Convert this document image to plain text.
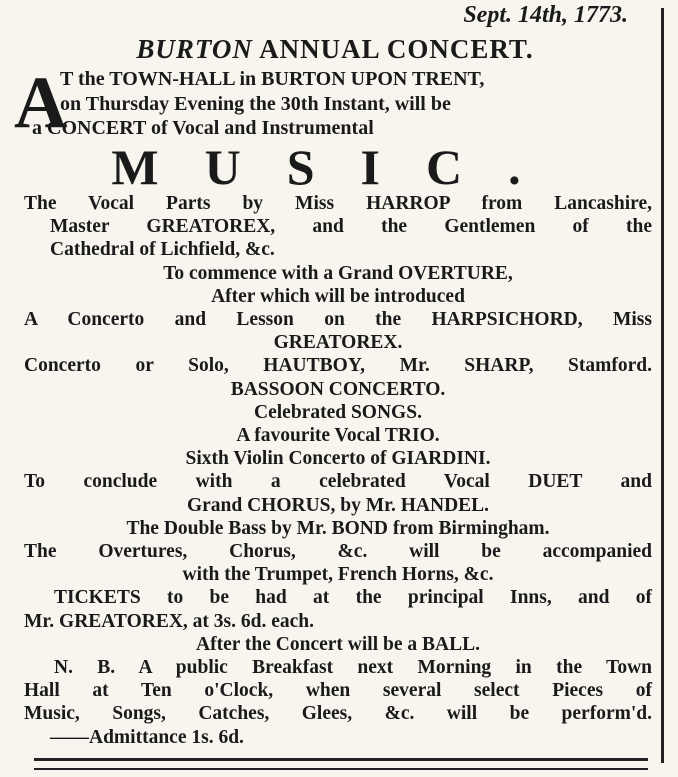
Sept. 14th, 1773.
BURTON ANNUAL CONCERT.
A
T the TOWN-HALL in BURTON UPON TRENT,
on Thursday Evening the 30th Instant, will be
a CONCERT of Vocal and Instrumental
MUSIC.
The Vocal Parts by Miss HARROP from Lancashire,
Master GREATOREX, and the Gentlemen of the
Cathedral of Lichfield, &c.
To commence with a Grand OVERTURE,
After which will be introduced
A Concerto and Lesson on the HARPSICHORD, Miss
GREATOREX.
Concerto or Solo, HAUTBOY, Mr. SHARP, Stamford.
BASSOON CONCERTO.
Celebrated SONGS.
A favourite Vocal TRIO.
Sixth Violin Concerto of GIARDINI.
To conclude with a celebrated Vocal DUET and
Grand CHORUS, by Mr. HANDEL.
The Double Bass by Mr. BOND from Birmingham.
The Overtures, Chorus, &c. will be accompanied
with the Trumpet, French Horns, &c.
TICKETS to be had at the principal Inns, and of
Mr. GREATOREX, at 3s. 6d. each.
After the Concert will be a BALL.
N. B. A public Breakfast next Morning in the Town
Hall at Ten o'Clock, when several select Pieces of
Music, Songs, Catches, Glees, &c. will be perform'd.
——Admittance 1s. 6d.
